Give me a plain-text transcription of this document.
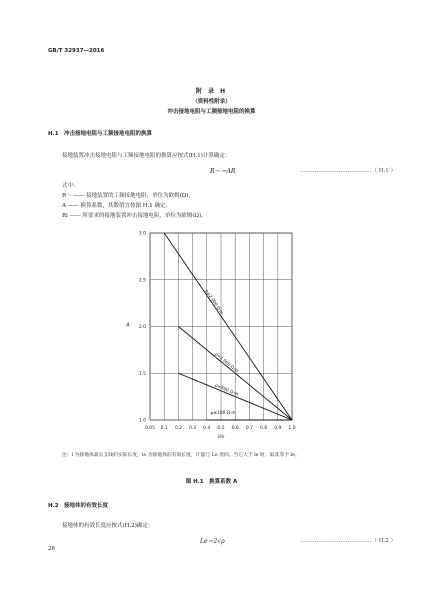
GB/T 32937—2016
附 录 H
（资料性附录）
冲击接地电阻与工频接地电阻的换算
H.1　冲击接地电阻与工频接地电阻的换算
接地装置冲击接地电阻与工频接地电阻的换算应按式(H.1)计算确定：
R～＝AR	…………………………………（ H.1 ）
式中：
R～ —— 接地装置的工频接地电阻，单位为欧姆(Ω)；
A —— 换算系数，其数值宜按图 H.1 确定；
Ri —— 所要求的接地装置冲击接地电阻，单位为欧姆(Ω)。
0.05 0.1 0.2 0.3 0.4 0.5 0.6 0.7 0.8 0.9 1.0
1.0
1.5
2.0
2.5
3.0
l/le
A
ρ≥2 000 Ω·m
ρ=1 000 Ω·m
ρ=500 Ω·m
ρ≤100 Ω·m
注：l 为接地体最长支线的实际长度，le 为接地体的有效长度，计量与 Le 类同。当它大于 le 时，取其等于 le。
图 H.1　换算系数 A
H.2　接地体的有效长度
接地体的有效长度应按式(H.2)确定：
Le＝2√ρ	…………………………………（ H.2 ）
26
